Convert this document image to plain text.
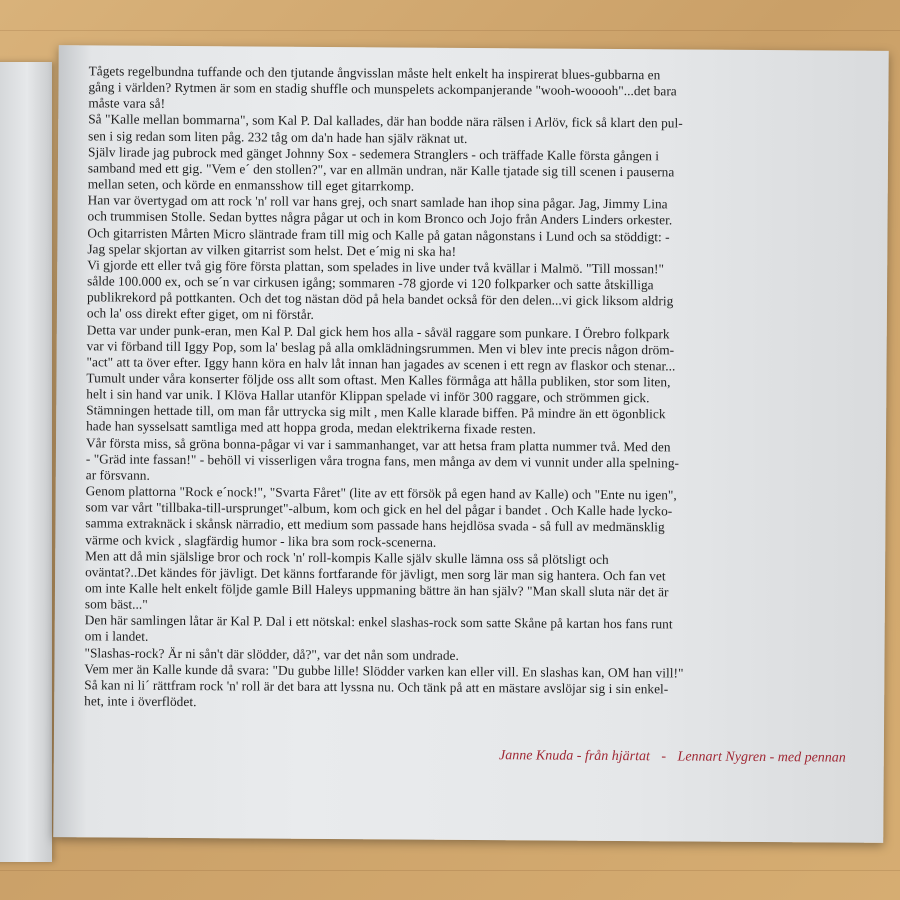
Tågets regelbundna tuffande och den tjutande ångvisslan måste helt enkelt ha inspirerat blues-gubbarna en

gång i världen? Rytmen är som en stadig shuffle och munspelets ackompanjerande "wooh-wooooh"...det bara

måste vara så!

Så "Kalle mellan bommarna", som Kal P. Dal kallades, där han bodde nära rälsen i Arlöv, fick så klart den pul-

sen i sig redan som liten påg. 232 tåg om da'n hade han själv räknat ut.

Själv lirade jag pubrock med gänget Johnny Sox - sedemera Stranglers - och träffade Kalle första gången i

samband med ett gig. "Vem e´ den stollen?", var en allmän undran, när Kalle tjatade sig till scenen i pauserna

mellan seten, och körde en enmansshow till eget gitarrkomp.

Han var övertygad om att rock 'n' roll var hans grej, och snart samlade han ihop sina pågar. Jag, Jimmy Lina

och trummisen Stolle. Sedan byttes några pågar ut och in kom Bronco och Jojo från Anders Linders orkester.

Och gitarristen Mårten Micro släntrade fram till mig och Kalle på gatan någonstans i Lund och sa stöddigt: -

Jag spelar skjortan av vilken gitarrist som helst. Det e´mig ni ska ha!

Vi gjorde ett eller två gig före första plattan, som spelades in live under två kvällar i Malmö. "Till mossan!"

sålde 100.000 ex, och se´n var cirkusen igång; sommaren -78 gjorde vi 120 folkparker och satte åtskilliga

publikrekord på pottkanten. Och det tog nästan död på hela bandet också för den delen...vi gick liksom aldrig

och la' oss direkt efter giget, om ni förstår.

Detta var under punk-eran, men Kal P. Dal gick hem hos alla - såväl raggare som punkare. I Örebro folkpark

var vi förband till Iggy Pop, som la' beslag på alla omklädningsrummen. Men vi blev inte precis någon dröm-

"act" att ta över efter. Iggy hann köra en halv låt innan han jagades av scenen i ett regn av flaskor och stenar...

Tumult under våra konserter följde oss allt som oftast. Men Kalles förmåga att hålla publiken, stor som liten,

helt i sin hand var unik. I Klöva Hallar utanför Klippan spelade vi inför 300 raggare, och strömmen gick.

Stämningen hettade till, om man får uttrycka sig milt , men Kalle klarade biffen. På mindre än ett ögonblick

hade han sysselsatt samtliga med att hoppa groda, medan elektrikerna fixade resten.

Vår första miss, så gröna bonna-pågar vi var i sammanhanget, var att hetsa fram platta nummer två. Med den

- "Gräd inte fassan!" - behöll vi visserligen våra trogna fans, men många av dem vi vunnit under alla spelning-

ar försvann.

Genom plattorna "Rock e´nock!", "Svarta Fåret" (lite av ett försök på egen hand av Kalle) och "Ente nu igen",

som var vårt "tillbaka-till-ursprunget"-album, kom och gick en hel del pågar i bandet . Och Kalle hade lycko-

samma extraknäck i skånsk närradio, ett medium som passade hans hejdlösa svada - så full av medmänsklig

värme och kvick , slagfärdig humor - lika bra som rock-scenerna.

Men att då min själslige bror och rock 'n' roll-kompis Kalle själv skulle lämna oss så plötsligt och

oväntat?..Det kändes för jävligt. Det känns fortfarande för jävligt, men sorg lär man sig hantera. Och fan vet

om inte Kalle helt enkelt följde gamle Bill Haleys uppmaning bättre än han själv? "Man skall sluta när det är

som bäst..."

Den här samlingen låtar är Kal P. Dal i ett nötskal: enkel slashas-rock som satte Skåne på kartan hos fans runt

om i landet.

"Slashas-rock? Är ni sån't där slödder, då?", var det nån som undrade.

Vem mer än Kalle kunde då svara: "Du gubbe lille! Slödder varken kan eller vill. En slashas kan, OM han vill!"

Så kan ni li´ rättfram rock 'n' roll är det bara att lyssna nu. Och tänk på att en mästare avslöjar sig i sin enkel-

het, inte i överflödet.

Janne Knuda - från hjärtat - Lennart Nygren - med pennan
